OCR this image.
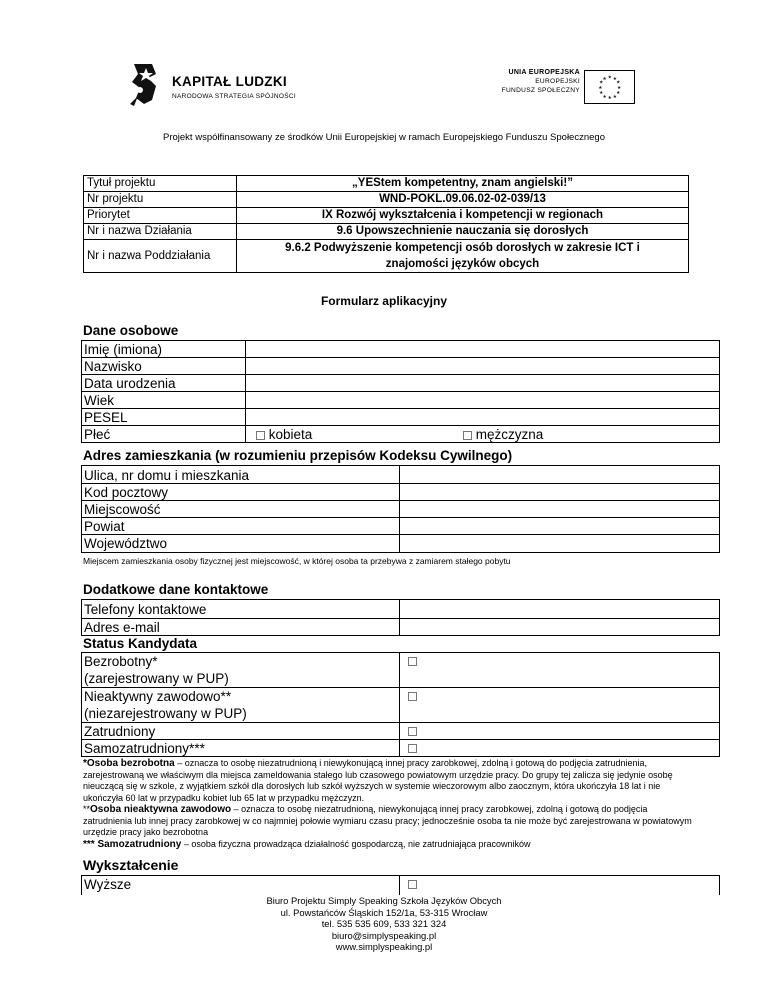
KAPITAŁ LUDZKI
NARODOWA STRATEGIA SPÓJNOŚCI
UNIA EUROPEJSKA
EUROPEJSKI
FUNDUSZ SPOŁECZNY
★ ★
★
★
★
★
★
★
★
★
★
★
Projekt współfinansowany ze środków Unii Europejskiej w ramach Europejskiego Funduszu Społecznego
Tytuł projektu	„YEStem kompetentny, znam angielski!”
Nr projektu	WND-POKL.09.06.02-02-039/13
Priorytet	IX Rozwój wykształcenia i kompetencji w regionach
Nr i nazwa Działania	9.6 Upowszechnienie nauczania się dorosłych
Nr i nazwa Poddziałania	9.6.2 Podwyższenie kompetencji osób dorosłych w zakresie ICT i
znajomości języków obcych
Formularz aplikacyjny
Dane osobowe
Imię (imiona)
Nazwisko
Data urodzenia
Wiek
PESEL
Płeć	kobieta	mężczyzna
Adres zamieszkania (w rozumieniu przepisów Kodeksu Cywilnego)
Ulica, nr domu i mieszkania
Kod pocztowy
Miejscowość
Powiat
Województwo
Miejscem zamieszkania osoby fizycznej jest miejscowość, w której osoba ta przebywa z zamiarem stałego pobytu
Dodatkowe dane kontaktowe
Telefony kontaktowe
Adres e-mail
Status Kandydata
Bezrobotny*
(zarejestrowany w PUP)
Nieaktywny zawodowo**
(niezarejestrowany w PUP)
Zatrudniony
Samozatrudniony***
*Osoba bezrobotna – oznacza to osobę niezatrudnioną i niewykonującą innej pracy zarobkowej, zdolną i gotową do podjęcia zatrudnienia, zarejestrowaną we właściwym dla miejsca zameldowania stałego lub czasowego powiatowym urzędzie pracy. Do grupy tej zalicza się jedynie osobę nieuczącą się w szkole, z wyjątkiem szkół dla dorosłych lub szkół wyższych w systemie wieczorowym albo zaocznym, która ukończyła 18 lat i nie ukończyła 60 lat w przypadku kobiet lub 65 lat w przypadku mężczyzn.
**Osoba nieaktywna zawodowo – oznacza to osobę niezatrudnioną, niewykonującą innej pracy zarobkowej, zdolną i gotową do podjęcia zatrudnienia lub innej pracy zarobkowej w co najmniej połowie wymiaru czasu pracy; jednocześnie osoba ta nie może być zarejestrowana w powiatowym urzędzie pracy jako bezrobotna
*** Samozatrudniony – osoba fizyczna prowadząca działalność gospodarczą, nie zatrudniająca pracowników
Wykształcenie
Wyższe
Biuro Projektu Simply Speaking Szkoła Języków Obcych
ul. Powstańców Śląskich 152/1a, 53-315 Wrocław
tel. 535 535 609, 533 321 324
biuro@simplyspeaking.pl
www.simplyspeaking.pl
